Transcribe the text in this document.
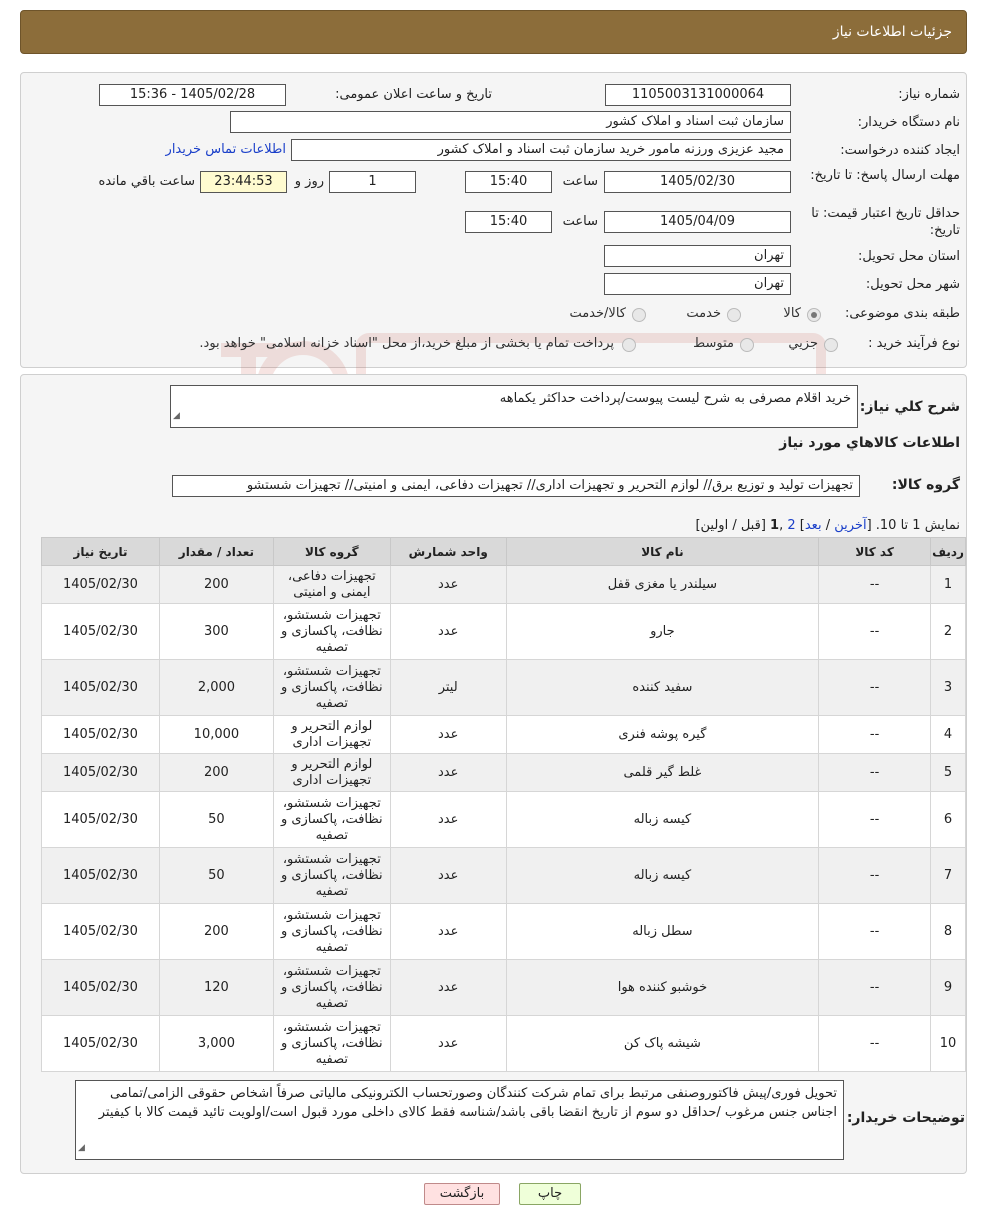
جزئیات اطلاعات نیاز
شماره نیاز:
1105003131000064
تاریخ و ساعت اعلان عمومی:
1405/02/28 - 15:36
نام دستگاه خریدار:
سازمان ثبت اسناد و املاک کشور
ایجاد کننده درخواست:
مجید عزیزی ورزنه مامور خرید سازمان ثبت اسناد و املاک کشور
اطلاعات تماس خریدار
مهلت ارسال پاسخ: تا تاریخ:
1405/02/30
ساعت
15:40
1
روز و
23:44:53
ساعت باقي مانده
حداقل تاریخ اعتبار قیمت: تا تاریخ:
1405/04/09
ساعت
15:40
استان محل تحویل:
تهران
شهر محل تحویل:
تهران
طبقه بندی موضوعی:
کالا
خدمت
کالا/خدمت
نوع فرآیند خرید :
جزیي
متوسط
پرداخت تمام یا بخشی از مبلغ خرید،از محل "اسناد خزانه اسلامی" خواهد بود.
شرح کلي نياز:
خرید اقلام مصرفی به شرح لیست پیوست/پرداخت حداکثر یکماهه
◢
اطلاعات کالاهاي مورد نياز
گروه کالا:
تجهیزات تولید و توزیع برق// لوازم التحریر و تجهیزات اداری// تجهیزات دفاعی، ایمنی و امنیتی// تجهیزات شستشو
نمایش 1 تا 10. [آخرین / بعد] 2 ,1 [قبل / اولین]
ردیف	کد کالا	نام کالا	واحد شمارش	گروه کالا	تعداد / مقدار	تاریخ نیاز
1	--	سیلندر یا مغزی قفل	عدد	تجهیزات دفاعی، ایمنی و امنیتی	200	1405/02/30
2	--	جارو	عدد	تجهیزات شستشو، نظافت، پاکسازی و تصفیه	300	1405/02/30
3	--	سفید کننده	لیتر	تجهیزات شستشو، نظافت، پاکسازی و تصفیه	2,000	1405/02/30
4	--	گیره پوشه فنری	عدد	لوازم التحریر و تجهیزات اداری	10,000	1405/02/30
5	--	غلط گیر قلمی	عدد	لوازم التحریر و تجهیزات اداری	200	1405/02/30
6	--	کیسه زباله	عدد	تجهیزات شستشو، نظافت، پاکسازی و تصفیه	50	1405/02/30
7	--	کیسه زباله	عدد	تجهیزات شستشو، نظافت، پاکسازی و تصفیه	50	1405/02/30
8	--	سطل زباله	عدد	تجهیزات شستشو، نظافت، پاکسازی و تصفیه	200	1405/02/30
9	--	خوشبو کننده هوا	عدد	تجهیزات شستشو، نظافت، پاکسازی و تصفیه	120	1405/02/30
10	--	شیشه پاک کن	عدد	تجهیزات شستشو، نظافت، پاکسازی و تصفیه	3,000	1405/02/30
توضیحات خریدار:
تحویل فوری/پیش فاکتوروصنفی مرتبط برای تمام شرکت کنندگان وصورتحساب الکترونیکی مالیاتی صرفاً اشخاص حقوقی الزامی/تمامی اجناس جنس مرغوب /حداقل دو سوم از تاریخ انقضا باقی باشد/شناسه فقط کالای داخلی مورد قبول است/اولویت تائید قیمت کالا با کیفیتر
◢
چاپ
بازگشت
